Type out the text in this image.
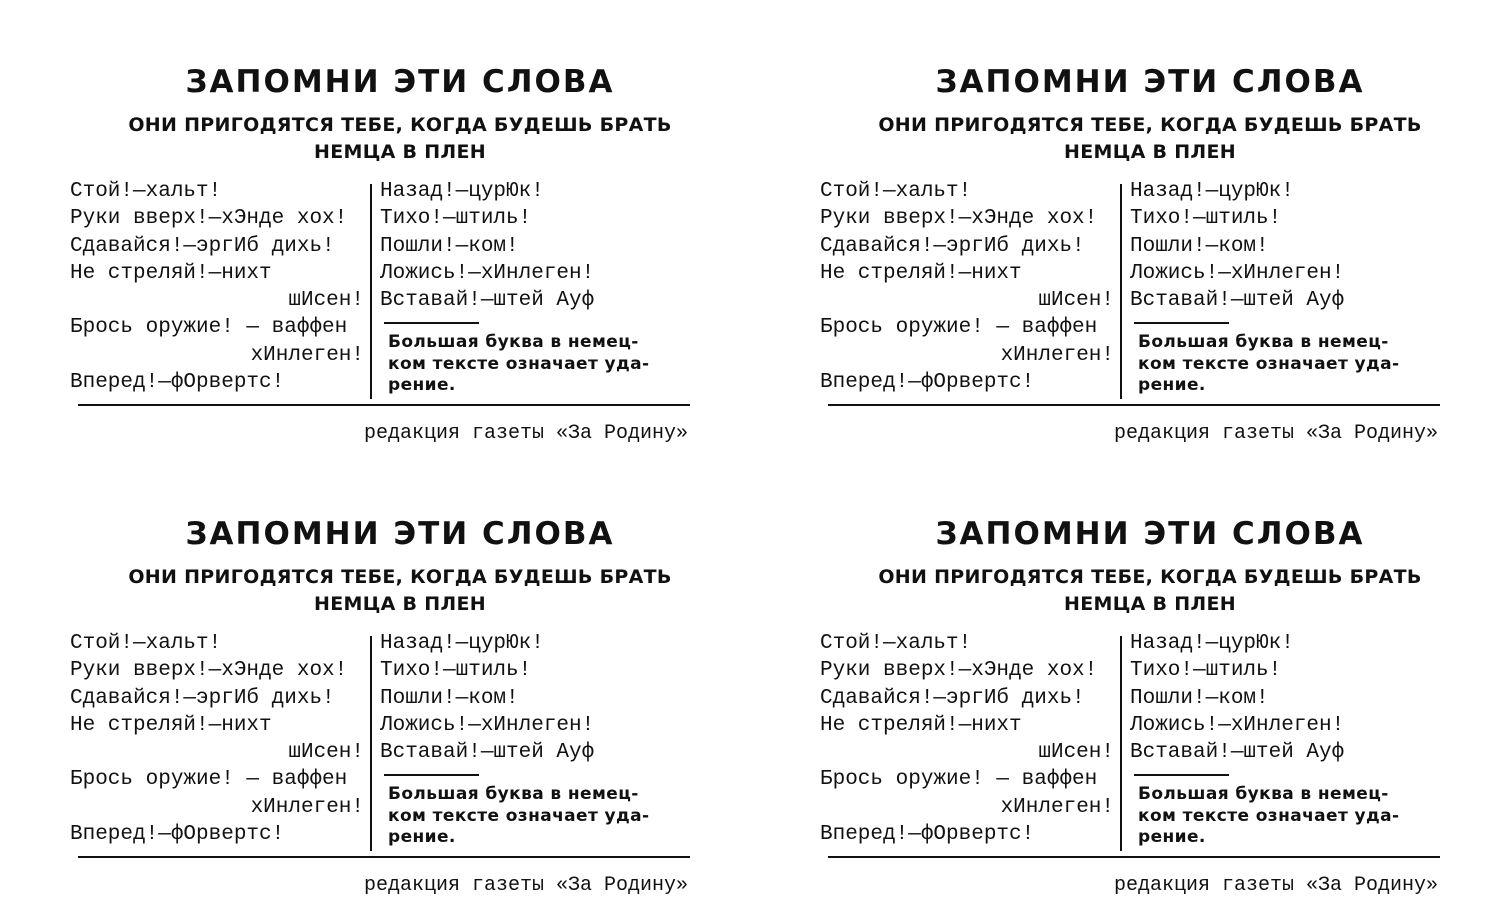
ЗАПОМНИ ЭТИ СЛОВА
ОНИ ПРИГОДЯТСЯ ТЕБЕ, КОГДА БУДЕШЬ БРАТЬ
НЕМЦА В ПЛЕН
Стой!—хальт!
Руки вверх!—хЭнде хох!
Сдавайся!—эргИб дихь!
Не стреляй!—нихт
шИсен!
Брось оружие! — ваффен
хИнлеген!
Вперед!—фОрвертс!
Назад!—цурЮк!
Тихо!—штиль!
Пошли!—ком!
Ложись!—хИнлеген!
Вставай!—штей Ауф
Большая буква в немец-
ком тексте означает уда-
рение.
редакция газеты «За Родину»
ЗАПОМНИ ЭТИ СЛОВА
ОНИ ПРИГОДЯТСЯ ТЕБЕ, КОГДА БУДЕШЬ БРАТЬ
НЕМЦА В ПЛЕН
Стой!—хальт!
Руки вверх!—хЭнде хох!
Сдавайся!—эргИб дихь!
Не стреляй!—нихт
шИсен!
Брось оружие! — ваффен
хИнлеген!
Вперед!—фОрвертс!
Назад!—цурЮк!
Тихо!—штиль!
Пошли!—ком!
Ложись!—хИнлеген!
Вставай!—штей Ауф
Большая буква в немец-
ком тексте означает уда-
рение.
редакция газеты «За Родину»
ЗАПОМНИ ЭТИ СЛОВА
ОНИ ПРИГОДЯТСЯ ТЕБЕ, КОГДА БУДЕШЬ БРАТЬ
НЕМЦА В ПЛЕН
Стой!—хальт!
Руки вверх!—хЭнде хох!
Сдавайся!—эргИб дихь!
Не стреляй!—нихт
шИсен!
Брось оружие! — ваффен
хИнлеген!
Вперед!—фОрвертс!
Назад!—цурЮк!
Тихо!—штиль!
Пошли!—ком!
Ложись!—хИнлеген!
Вставай!—штей Ауф
Большая буква в немец-
ком тексте означает уда-
рение.
редакция газеты «За Родину»
ЗАПОМНИ ЭТИ СЛОВА
ОНИ ПРИГОДЯТСЯ ТЕБЕ, КОГДА БУДЕШЬ БРАТЬ
НЕМЦА В ПЛЕН
Стой!—хальт!
Руки вверх!—хЭнде хох!
Сдавайся!—эргИб дихь!
Не стреляй!—нихт
шИсен!
Брось оружие! — ваффен
хИнлеген!
Вперед!—фОрвертс!
Назад!—цурЮк!
Тихо!—штиль!
Пошли!—ком!
Ложись!—хИнлеген!
Вставай!—штей Ауф
Большая буква в немец-
ком тексте означает уда-
рение.
редакция газеты «За Родину»
